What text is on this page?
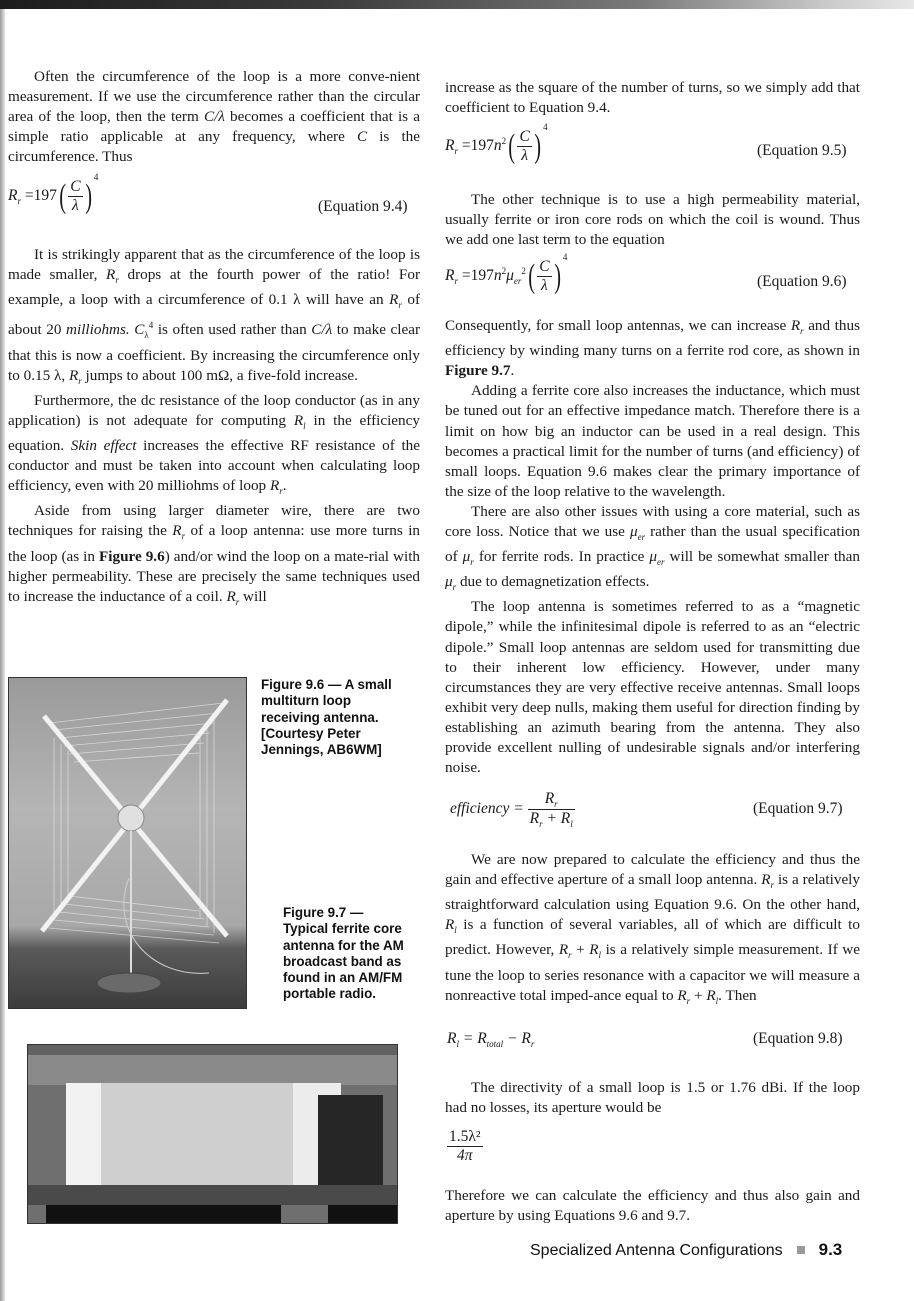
Often the circumference of the loop is a more conve-nient measurement. If we use the circumference rather than the circular area of the loop, then the term C/λ becomes a coefficient that is a simple ratio applicable at any frequency, where C is the circumference. Thus

$R_r =197( \frac{C}{\lambda} )^4$
(Equation 9.4)

It is strikingly apparent that as the circumference of the loop is made smaller, $R_r$ drops at the fourth power of the ratio! For example, a loop with a circumference of 0.1 λ will have an $R_r$ of about 20 milliohms. $C_\lambda^4$ is often used rather than C/λ to make clear that this is now a coefficient. By increasing the circumference only to 0.15 λ, $R_r$ jumps to about 100 mΩ, a five-fold increase.

Furthermore, the dc resistance of the loop conductor (as in any application) is not adequate for computing $R_l$ in the efficiency equation. Skin effect increases the effective RF resistance of the conductor and must be taken into account when calculating loop efficiency, even with 20 milliohms of loop $R_r$.

Aside from using larger diameter wire, there are two techniques for raising the $R_r$ of a loop antenna: use more turns in the loop (as in Figure 9.6) and/or wind the loop on a mate-rial with higher permeability. These are precisely the same techniques used to increase the inductance of a coil. $R_r$ will

Figure 9.6 — A small multiturn loop receiving antenna. [Courtesy Peter Jennings, AB6WM]
Figure 9.7 — Typical ferrite core antenna for the AM broadcast band as found in an AM/FM portable radio.

increase as the square of the number of turns, so we simply add that coefficient to Equation 9.4.

$R_r =197n^2( \frac{C}{\lambda} )^4$
(Equation 9.5)

The other technique is to use a high permeability material, usually ferrite or iron core rods on which the coil is wound. Thus we add one last term to the equation

$R_r =197n^2\mu_{er}^2( \frac{C}{\lambda} )^4$
(Equation 9.6)

Consequently, for small loop antennas, we can increase $R_r$ and thus efficiency by winding many turns on a ferrite rod core, as shown in Figure 9.7.

Adding a ferrite core also increases the inductance, which must be tuned out for an effective impedance match. Therefore there is a limit on how big an inductor can be used in a real design. This becomes a practical limit for the number of turns (and efficiency) of small loops. Equation 9.6 makes clear the primary importance of the size of the loop relative to the wavelength.

There are also other issues with using a core material, such as core loss. Notice that we use $\mu_{er}$ rather than the usual specification of $\mu_r$ for ferrite rods. In practice $\mu_{er}$ will be somewhat smaller than $\mu_r$ due to demagnetization effects.

The loop antenna is sometimes referred to as a “magnetic dipole,” while the infinitesimal dipole is referred to as an “electric dipole.” Small loop antennas are seldom used for transmitting due to their inherent low efficiency. However, under many circumstances they are very effective receive antennas. Small loops exhibit very deep nulls, making them useful for direction finding by establishing an azimuth bearing from the antenna. They also provide excellent nulling of undesirable signals and/or interfering noise.

efficiency = $\frac{R_r}{R_r + R_l}$	(Equation 9.7)

We are now prepared to calculate the efficiency and thus the gain and effective aperture of a small loop antenna. $R_r$ is a relatively straightforward calculation using Equation 9.6. On the other hand, $R_l$ is a function of several variables, all of which are difficult to predict. However, $R_r + R_l$ is a relatively simple measurement. If we tune the loop to series resonance with a capacitor we will measure a nonreactive total imped-ance equal to $R_r + R_l$. Then

$R_l = R_{total} - R_r$	(Equation 9.8)

The directivity of a small loop is 1.5 or 1.76 dBi. If the loop had no losses, its aperture would be

$\frac{\text{1.5λ²}}{4\pi}$

Therefore we can calculate the efficiency and thus also gain and aperture by using Equations 9.6 and 9.7.

Specialized Antenna Configurations 9.3
